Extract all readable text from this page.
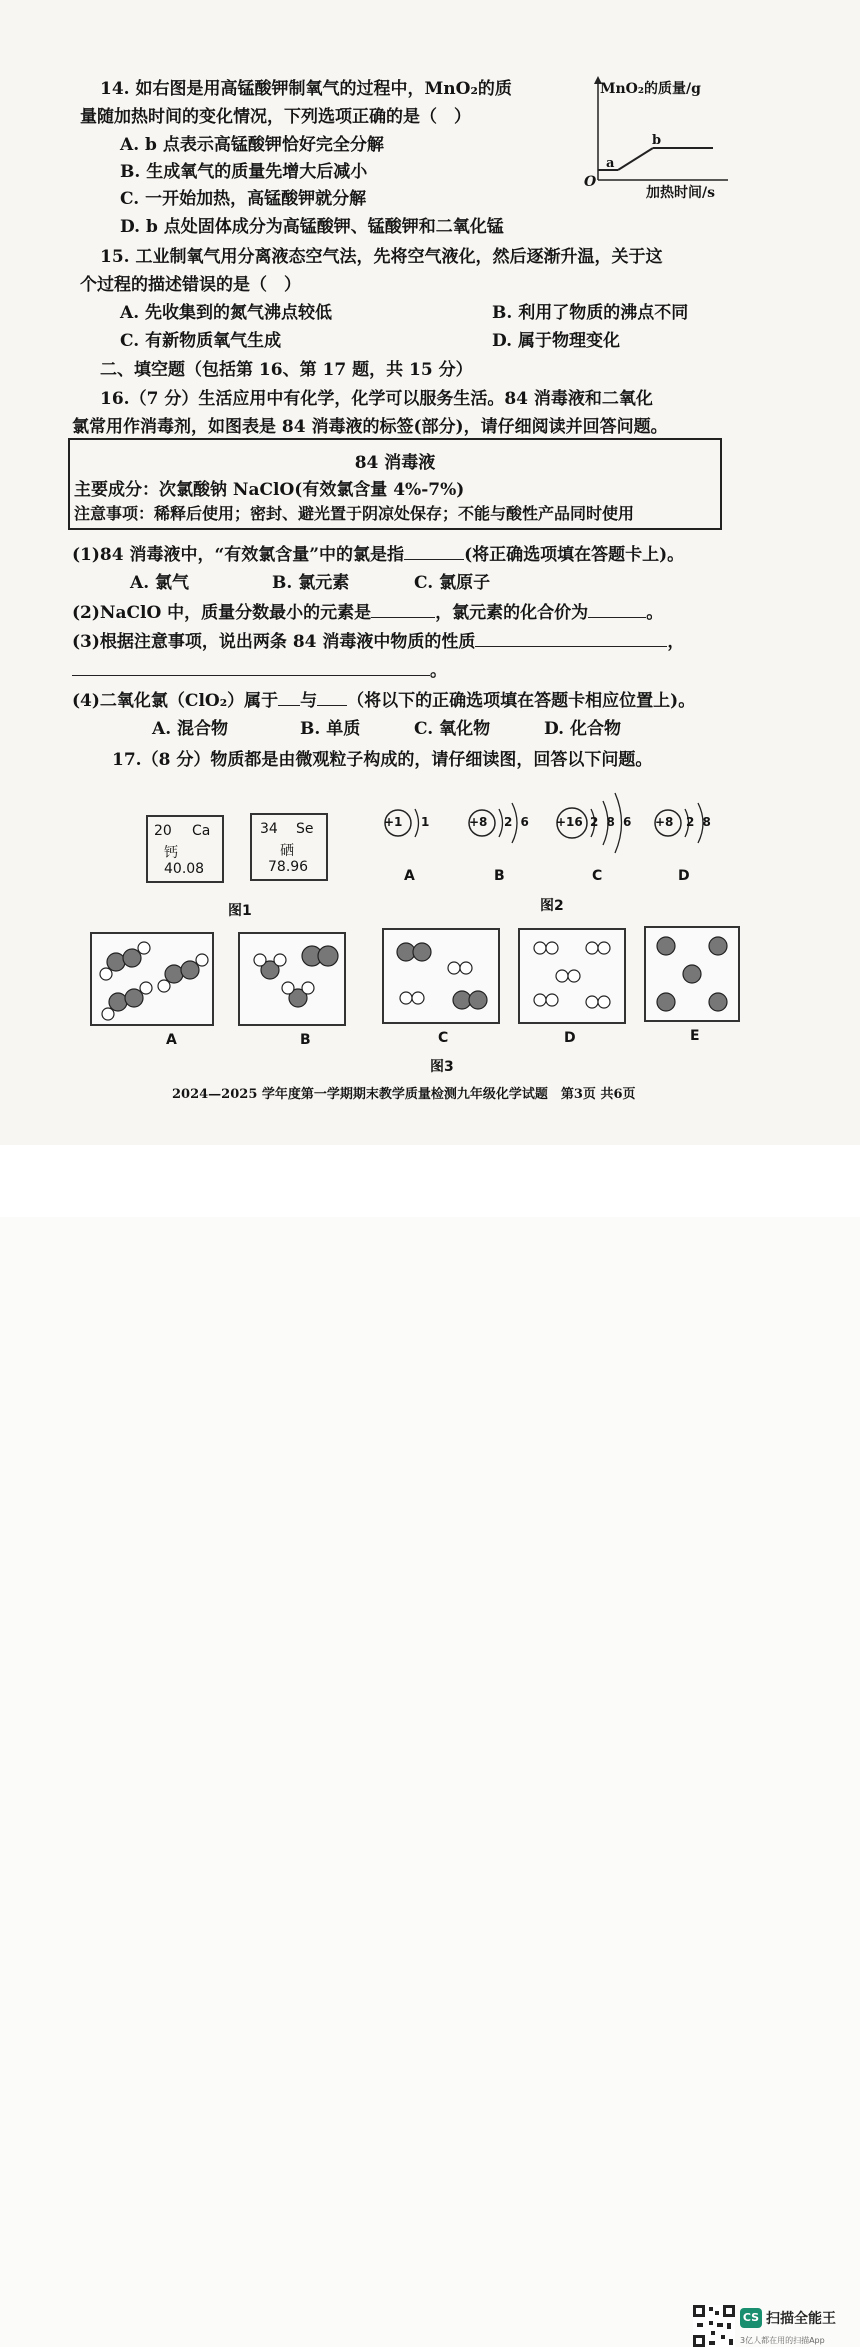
14. 如右图是用高锰酸钾制氧气的过程中，MnO₂的质
量随加热时间的变化情况，下列选项正确的是（　）
A. b 点表示高锰酸钾恰好完全分解
B. 生成氧气的质量先增大后减小
C. 一开始加热，高锰酸钾就分解
D. b 点处固体成分为高锰酸钾、锰酸钾和二氧化锰
MnO₂的质量/g
O
a
b
加热时间/s
15. 工业制氧气用分离液态空气法，先将空气液化，然后逐渐升温，关于这
个过程的描述错误的是（　）
A. 先收集到的氮气沸点较低	B. 利用了物质的沸点不同
C. 有新物质氧气生成	D. 属于物理变化
二、填空题（包括第 16、第 17 题，共 15 分）
16.（7 分）生活应用中有化学，化学可以服务生活。84 消毒液和二氧化
氯常用作消毒剂，如图表是 84 消毒液的标签(部分)，请仔细阅读并回答问题。
84 消毒液
主要成分：次氯酸钠 NaClO(有效氯含量 4%-7%)
注意事项：稀释后使用；密封、避光置于阴凉处保存；不能与酸性产品同时使用
(1)84 消毒液中，“有效氯含量”中的氯是指	(将正确选项填在答题卡上)。
A. 氯气	B. 氯元素	C. 氯原子
(2)NaClO 中，质量分数最小的元素是	，氯元素的化合价为	。
(3)根据注意事项，说出两条 84 消毒液中物质的性质	，
。
(4)二氧化氯（ClO₂）属于 与 （将以下的正确选项填在答题卡相应位置上)。
A. 混合物	B. 单质	C. 氧化物	D. 化合物
17.（8 分）物质都是由微观粒子构成的，请仔细读图，回答以下问题。
20 Ca
钙
40.08
34 Se
硒
78.96
图1
+1 1	+8 2 6 +16 2 8 6 +8 2 8
A	B	C	D
图2
A	B	C	D	E
图3
2024—2025 学年度第一学期期末教学质量检测九年级化学试题　第3页 共6页
CS 扫描全能王
3亿人都在用的扫描App
